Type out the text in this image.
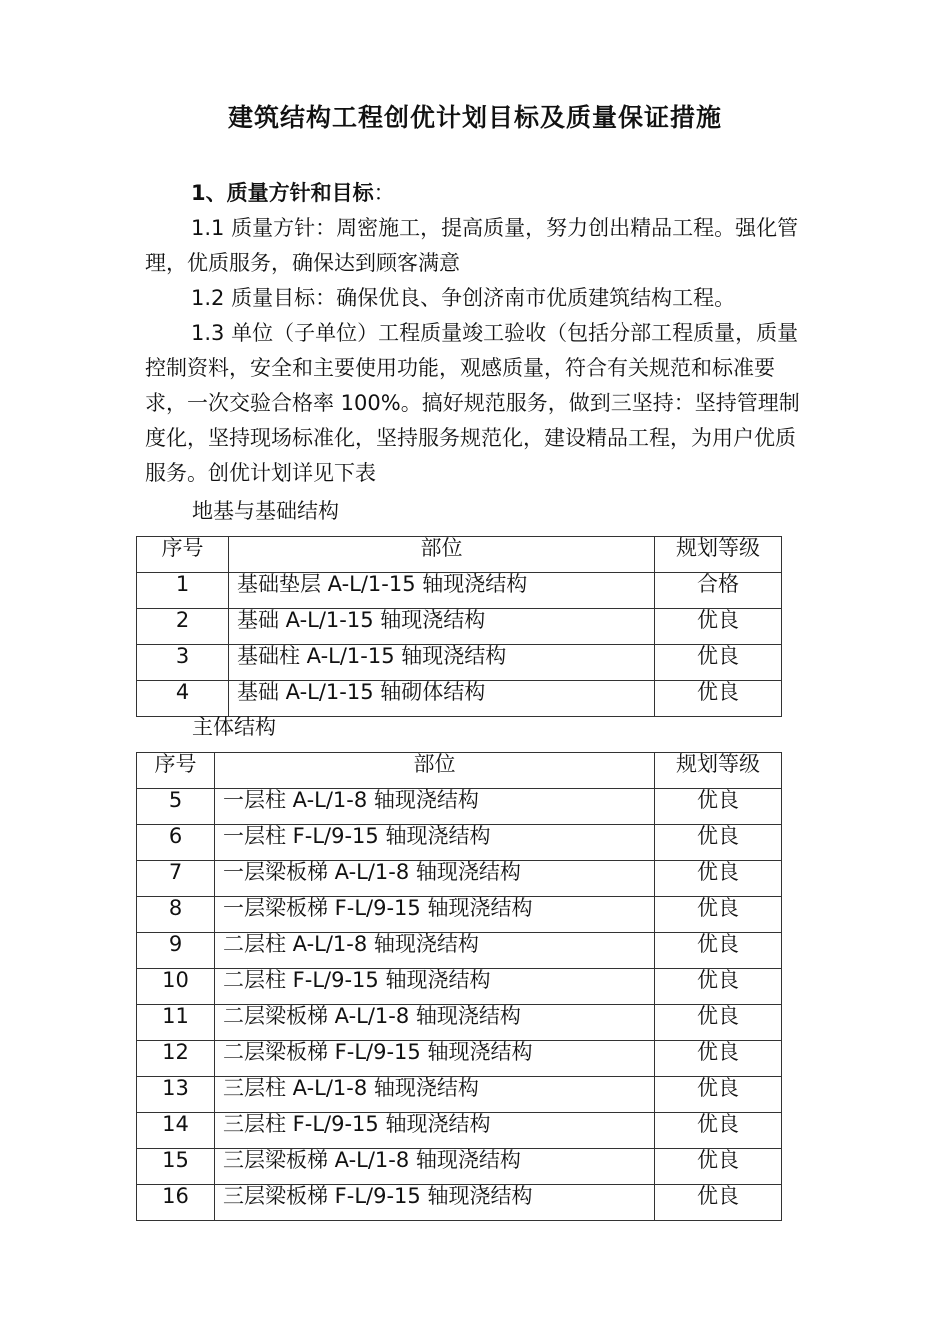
建筑结构工程创优计划目标及质量保证措施

1、质量方针和目标：

1.1 质量方针：周密施工，提高质量，努力创出精品工程。强化管理，优质服务，确保达到顾客满意

1.2 质量目标：确保优良、争创济南市优质建筑结构工程。

1.3 单位（子单位）工程质量竣工验收（包括分部工程质量，质量控制资料，安全和主要使用功能，观感质量，符合有关规范和标准要求，一次交验合格率 100%。搞好规范服务，做到三坚持：坚持管理制度化，坚持现场标准化，坚持服务规范化，建设精品工程，为用户优质服务。创优计划详见下表

地基与基础结构
序号	部位	规划等级
1	基础垫层 A-L/1-15 轴现浇结构	合格
2	基础 A-L/1-15 轴现浇结构	优良
3	基础柱 A-L/1-15 轴现浇结构	优良
4	基础 A-L/1-15 轴砌体结构	优良
主体结构
序号	部位	规划等级
5	一层柱 A-L/1-8 轴现浇结构	优良
6	一层柱 F-L/9-15 轴现浇结构	优良
7	一层梁板梯 A-L/1-8 轴现浇结构	优良
8	一层梁板梯 F-L/9-15 轴现浇结构	优良
9	二层柱 A-L/1-8 轴现浇结构	优良
10	二层柱 F-L/9-15 轴现浇结构	优良
11	二层梁板梯 A-L/1-8 轴现浇结构	优良
12	二层梁板梯 F-L/9-15 轴现浇结构	优良
13	三层柱 A-L/1-8 轴现浇结构	优良
14	三层柱 F-L/9-15 轴现浇结构	优良
15	三层梁板梯 A-L/1-8 轴现浇结构	优良
16	三层梁板梯 F-L/9-15 轴现浇结构	优良
